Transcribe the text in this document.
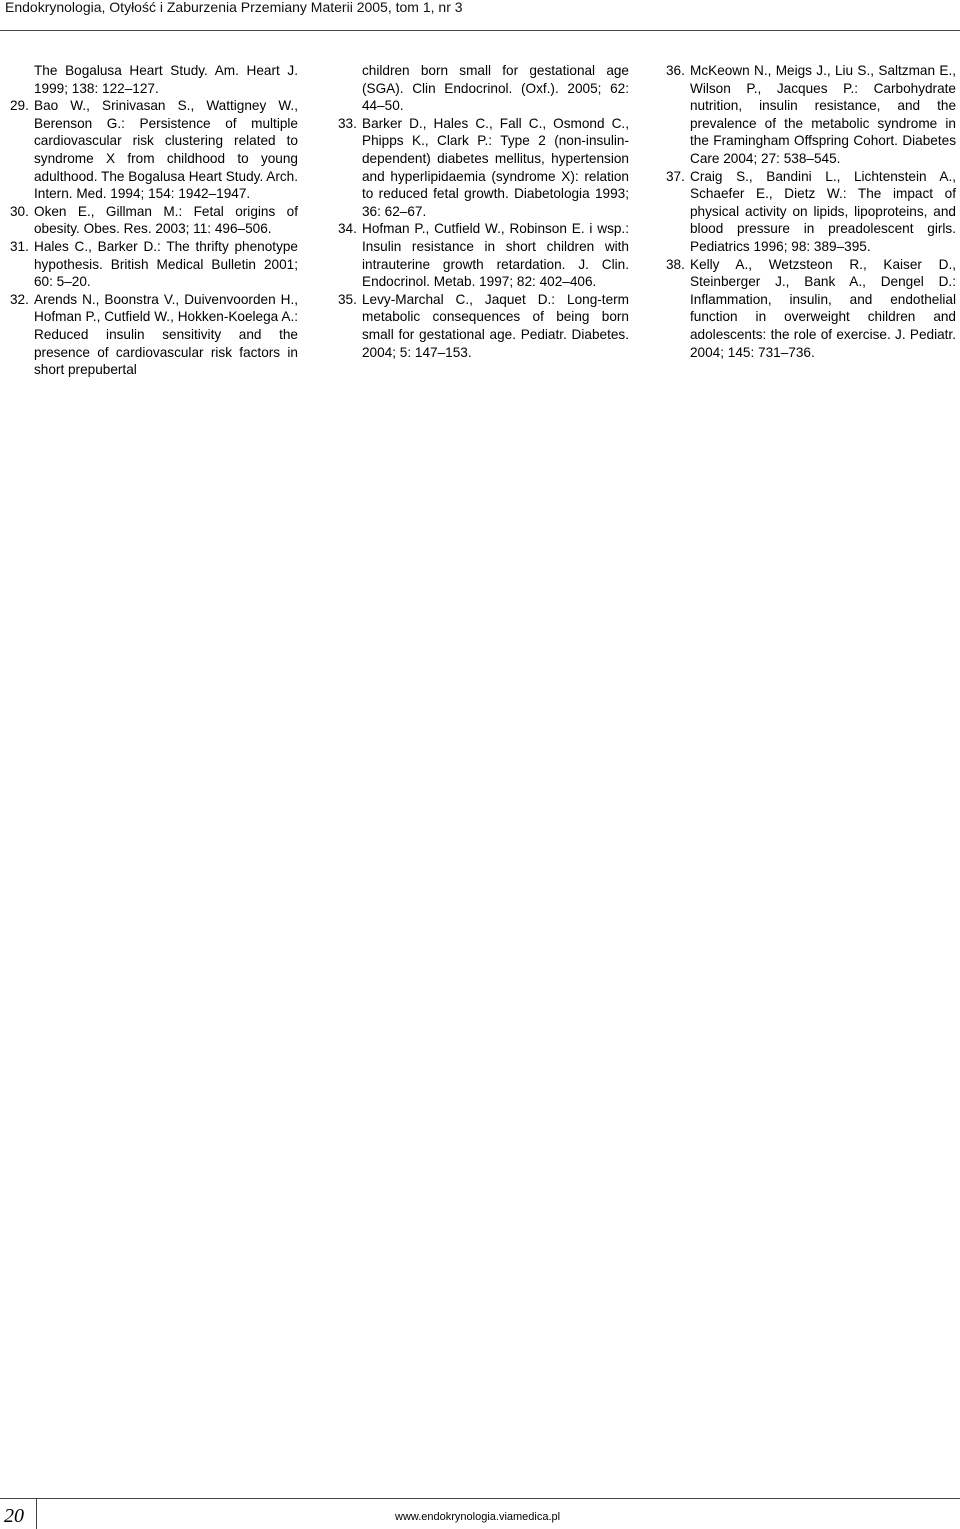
Endokrynologia, Otyłość i Zaburzenia Przemiany Materii 2005, tom 1, nr 3
The Bogalusa Heart Study. Am. Heart J. 1999; 138: 122–127.
29. Bao W., Srinivasan S., Wattigney W., Berenson G.: Persistence of multiple cardiovascular risk clustering related to syndrome X from childhood to young adulthood. The Bogalusa Heart Study. Arch. Intern. Med. 1994; 154: 1942–1947.
30. Oken E., Gillman M.: Fetal origins of obesity. Obes. Res. 2003; 11: 496–506.
31. Hales C., Barker D.: The thrifty phenotype hypothesis. British Medical Bulletin 2001; 60: 5–20.
32. Arends N., Boonstra V., Duivenvoorden H., Hofman P., Cutfield W., Hokken-Koelega A.: Reduced insulin sensitivity and the presence of cardiovascular risk factors in short prepubertal
children born small for gestational age (SGA). Clin Endocrinol. (Oxf.). 2005; 62: 44–50.
33. Barker D., Hales C., Fall C., Osmond C., Phipps K., Clark P.: Type 2 (non-insulin-dependent) diabetes mellitus, hypertension and hyperlipidaemia (syndrome X): relation to reduced fetal growth. Diabetologia 1993; 36: 62–67.
34. Hofman P., Cutfield W., Robinson E. i wsp.: Insulin resistance in short children with intrauterine growth retardation. J. Clin. Endocrinol. Metab. 1997; 82: 402–406.
35. Levy-Marchal C., Jaquet D.: Long-term metabolic consequences of being born small for gestational age. Pediatr. Diabetes. 2004; 5: 147–153.
36. McKeown N., Meigs J., Liu S., Saltzman E., Wilson P., Jacques P.: Carbohydrate nutrition, insulin resistance, and the prevalence of the metabolic syndrome in the Framingham Offspring Cohort. Diabetes Care 2004; 27: 538–545.
37. Craig S., Bandini L., Lichtenstein A., Schaefer E., Dietz W.: The impact of physical activity on lipids, lipoproteins, and blood pressure in preadolescent girls. Pediatrics 1996; 98: 389–395.
38. Kelly A., Wetzsteon R., Kaiser D., Steinberger J., Bank A., Dengel D.: Inflammation, insulin, and endothelial function in overweight children and adolescents: the role of exercise. J. Pediatr. 2004; 145: 731–736.
20	www.endokrynologia.viamedica.pl
